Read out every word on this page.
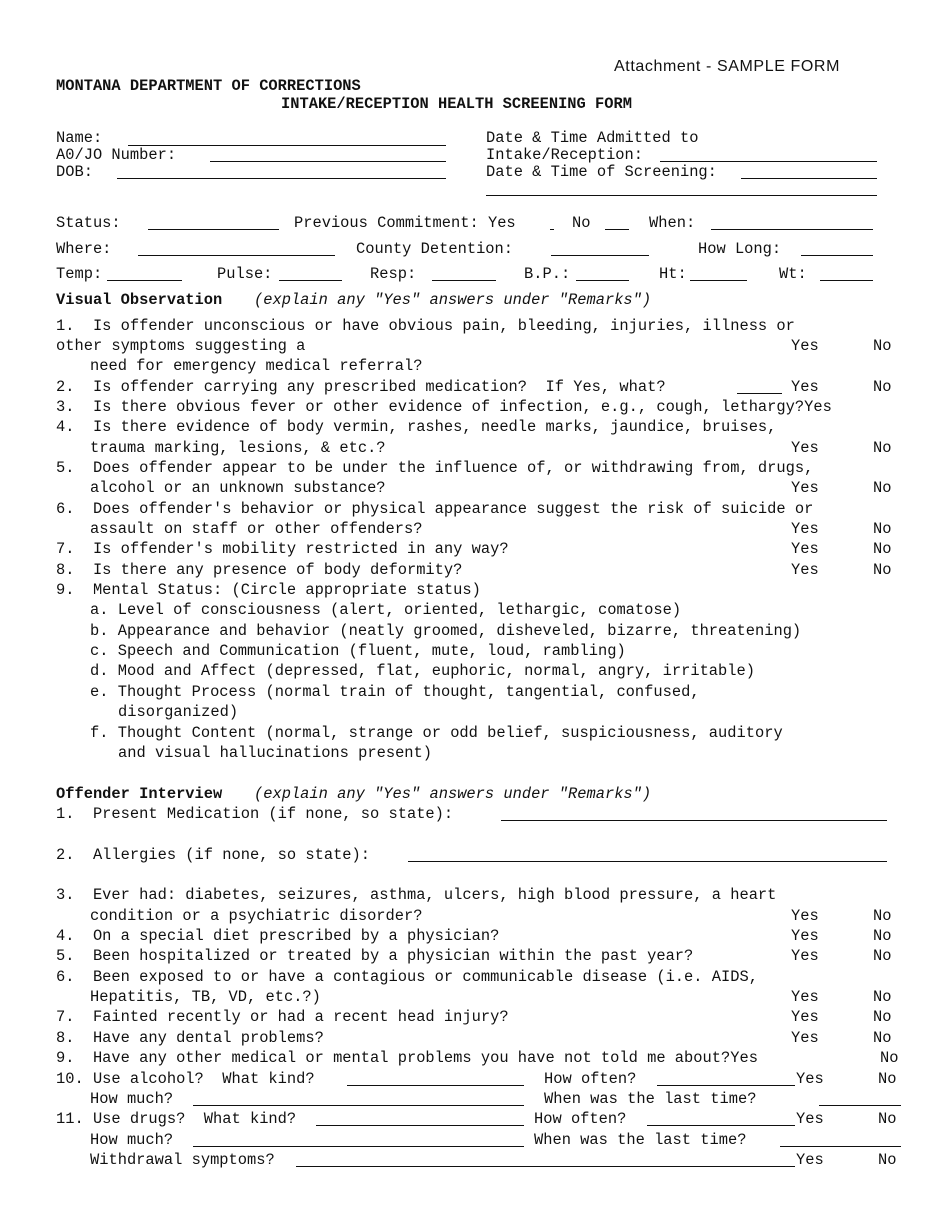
Attachment - SAMPLE FORM
MONTANA DEPARTMENT OF CORRECTIONS
INTAKE/RECEPTION HEALTH SCREENING FORM
Name:
A0/JO Number:
DOB:
Date & Time Admitted to
Intake/Reception:
Date & Time of Screening:
Status:	Previous Commitment: Yes	No	When:
Where:	County Detention:	How Long:
Temp:	Pulse:	Resp:	B.P.:	Ht:	Wt:
Visual Observation (explain any "Yes" answers under "Remarks")
1.  Is offender unconscious or have obvious pain, bleeding, injuries, illness or
other symptoms suggesting a
need for emergency medical referral?
Yes	No
2.  Is offender carrying any prescribed medication?  If Yes, what?	Yes	No
3.  Is there obvious fever or other evidence of infection, e.g., cough, lethargy?Yes
4.  Is there evidence of body vermin, rashes, needle marks, jaundice, bruises,
trauma marking, lesions, & etc.?	Yes	No
5.  Does offender appear to be under the influence of, or withdrawing from, drugs,
alcohol or an unknown substance?	Yes	No
6.  Does offender's behavior or physical appearance suggest the risk of suicide or
assault on staff or other offenders?	Yes	No
7.  Is offender's mobility restricted in any way?	Yes	No
8.  Is there any presence of body deformity?	Yes	No
9.  Mental Status: (Circle appropriate status)
a. Level of consciousness (alert, oriented, lethargic, comatose)
b. Appearance and behavior (neatly groomed, disheveled, bizarre, threatening)
c. Speech and Communication (fluent, mute, loud, rambling)
d. Mood and Affect (depressed, flat, euphoric, normal, angry, irritable)
e. Thought Process (normal train of thought, tangential, confused,
disorganized)
f. Thought Content (normal, strange or odd belief, suspiciousness, auditory
and visual hallucinations present)
Offender Interview (explain any "Yes" answers under "Remarks")
1.  Present Medication (if none, so state):
2.  Allergies (if none, so state):
3.  Ever had: diabetes, seizures, asthma, ulcers, high blood pressure, a heart
condition or a psychiatric disorder?	Yes	No
4.  On a special diet prescribed by a physician?	Yes	No
5.  Been hospitalized or treated by a physician within the past year?	Yes	No
6.  Been exposed to or have a contagious or communicable disease (i.e. AIDS,
Hepatitis, TB, VD, etc.?)	Yes	No
7.  Fainted recently or had a recent head injury?	Yes	No
8.  Have any dental problems?	Yes	No
9.  Have any other medical or mental problems you have not told me about?Yes	No
10. Use alcohol?  What kind?	How often?	Yes	No
How much?	When was the last time?
11. Use drugs?  What kind?	How often?	Yes	No
How much?	When was the last time?
Withdrawal symptoms?	Yes	No
